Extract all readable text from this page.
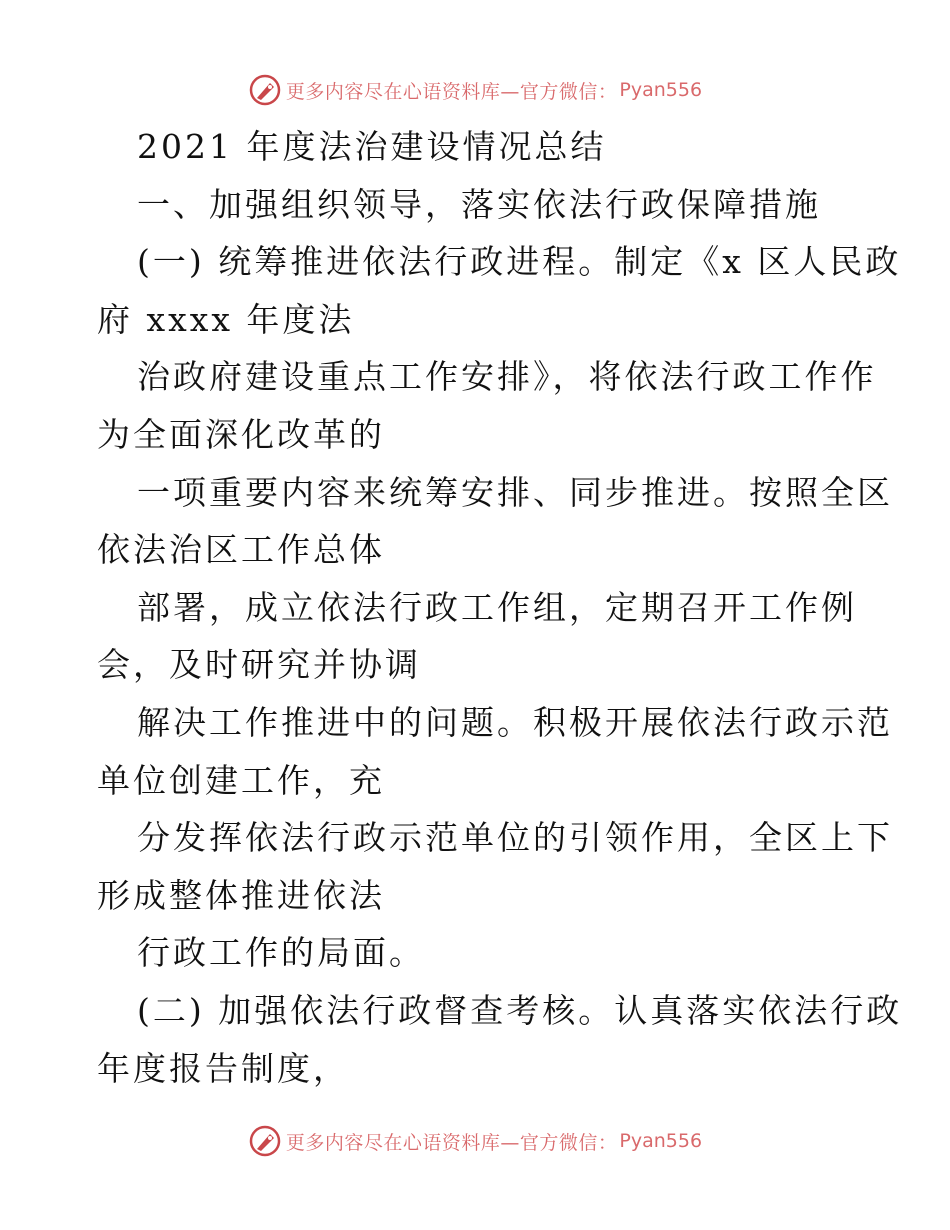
更多内容尽在心语资料库—官方微信： Pyan556
2021 年度法治建设情况总结
一、加强组织领导，落实依法行政保障措施
(一) 统筹推进依法行政进程。制定《x 区人民政
府 xxxx 年度法
治政府建设重点工作安排》，将依法行政工作作
为全面深化改革的
一项重要内容来统筹安排、同步推进。按照全区
依法治区工作总体
部署，成立依法行政工作组，定期召开工作例
会，及时研究并协调
解决工作推进中的问题。积极开展依法行政示范
单位创建工作，充
分发挥依法行政示范单位的引领作用，全区上下
形成整体推进依法
行政工作的局面。
(二) 加强依法行政督查考核。认真落实依法行政
年度报告制度，
更多内容尽在心语资料库—官方微信： Pyan556
